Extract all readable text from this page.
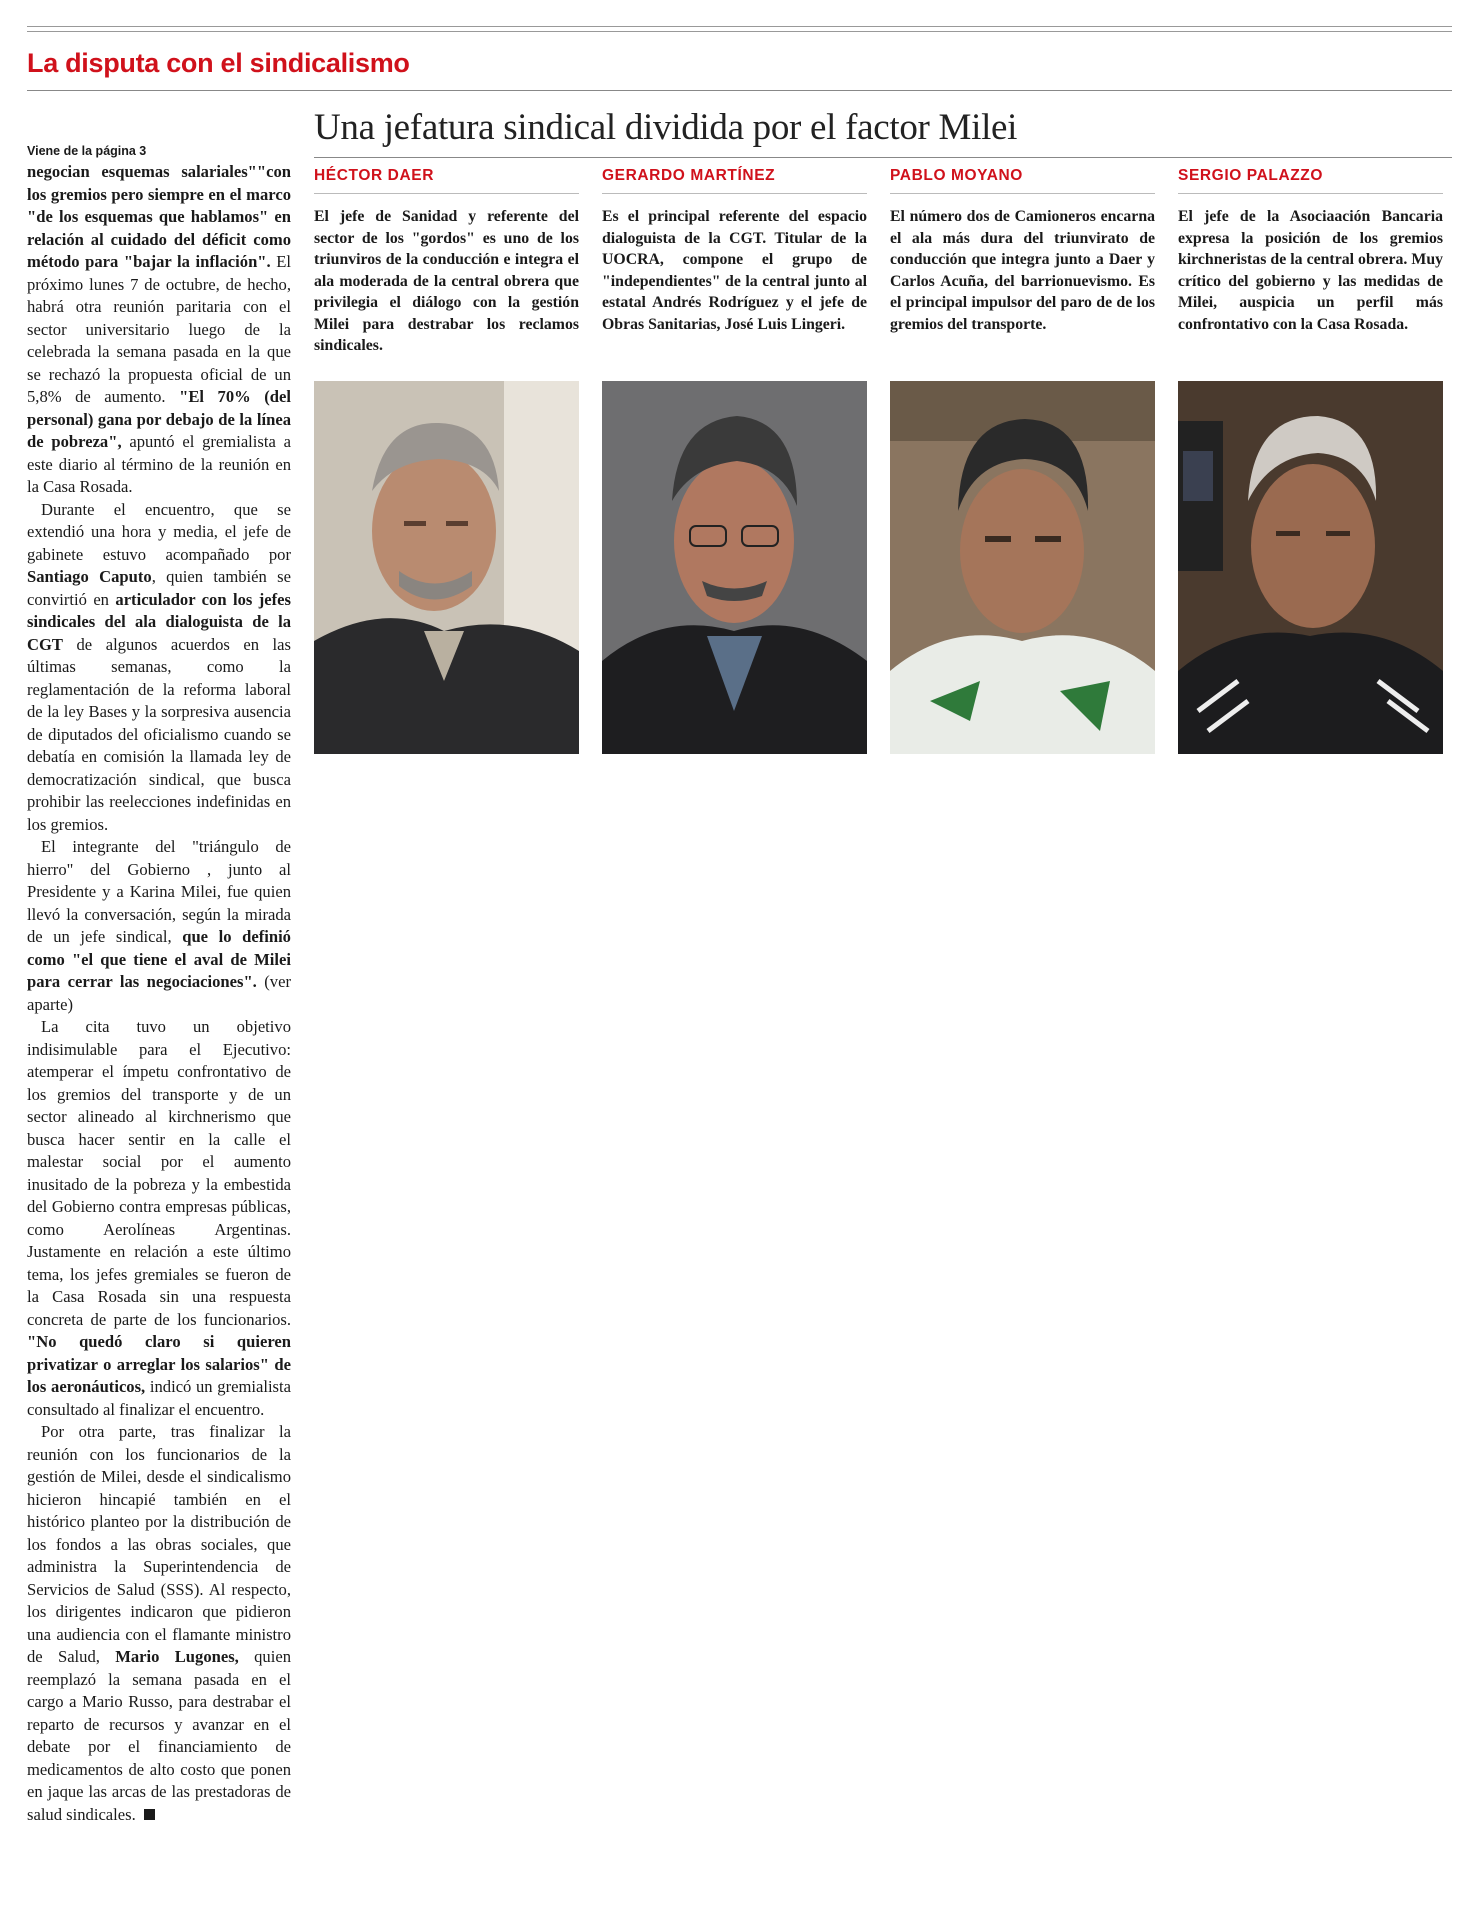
La disputa con el sindicalismo
Viene de la página 3

negocian esquemas salariales""con los gremios pero siempre en el marco "de los esquemas que hablamos" en relación al cuidado del déficit como método para "bajar la inflación". El próximo lunes 7 de octubre, de hecho, habrá otra reunión paritaria con el sector universitario luego de la celebrada la semana pasada en la que se rechazó la propuesta oficial de un 5,8% de aumento. "El 70% (del personal) gana por debajo de la línea de pobreza", apuntó el gremialista a este diario al término de la reunión en la Casa Rosada.

Durante el encuentro, que se extendió una hora y media, el jefe de gabinete estuvo acompañado por Santiago Caputo, quien también se convirtió en articulador con los jefes sindicales del ala dialoguista de la CGT de algunos acuerdos en las últimas semanas, como la reglamentación de la reforma laboral de la ley Bases y la sorpresiva ausencia de diputados del oficialismo cuando se debatía en comisión la llamada ley de democratización sindical, que busca prohibir las reelecciones indefinidas en los gremios.

El integrante del "triángulo de hierro" del Gobierno , junto al Presidente y a Karina Milei, fue quien llevó la conversación, según la mirada de un jefe sindical, que lo definió como "el que tiene el aval de Milei para cerrar las negociaciones". (ver aparte)

La cita tuvo un objetivo indisimulable para el Ejecutivo: atemperar el ímpetu confrontativo de los gremios del transporte y de un sector alineado al kirchnerismo que busca hacer sentir en la calle el malestar social por el aumento inusitado de la pobreza y la embestida del Gobierno contra empresas públicas, como Aerolíneas Argentinas. Justamente en relación a este último tema, los jefes gremiales se fueron de la Casa Rosada sin una respuesta concreta de parte de los funcionarios. "No quedó claro si quieren privatizar o arreglar los salarios" de los aeronáuticos, indicó un gremialista consultado al finalizar el encuentro.

Por otra parte, tras finalizar la reunión con los funcionarios de la gestión de Milei, desde el sindicalismo hicieron hincapié también en el histórico planteo por la distribución de los fondos a las obras sociales, que administra la Superintendencia de Servicios de Salud (SSS). Al respecto, los dirigentes indicaron que pidieron una audiencia con el flamante ministro de Salud, Mario Lugones, quien reemplazó la semana pasada en el cargo a Mario Russo, para destrabar el reparto de recursos y avanzar en el debate por el financiamiento de medicamentos de alto costo que ponen en jaque las arcas de las prestadoras de salud sindicales.

Una jefatura sindical dividida por el factor Milei
HÉCTOR DAER
El jefe de Sanidad y referente del sector de los "gordos" es uno de los triunviros de la conducción e integra el ala moderada de la central obrera que privilegia el diálogo con la gestión Milei para destrabar los reclamos sindicales.
GERARDO MARTÍNEZ
Es el principal referente del espacio dialoguista de la CGT. Titular de la UOCRA, compone el grupo de "independientes" de la central junto al estatal Andrés Rodríguez y el jefe de Obras Sanitarias, José Luis Lingeri.
PABLO MOYANO
El número dos de Camioneros encarna el ala más dura del triunvirato de conducción que integra junto a Daer y Carlos Acuña, del barrionuevismo. Es el principal impulsor del paro de de los gremios del transporte.
SERGIO PALAZZO
El jefe de la Asociaación Bancaria expresa la posición de los gremios kirchneristas de la central obrera. Muy crítico del gobierno y las medidas de Milei, auspicia un perfil más confrontativo con la Casa Rosada.
